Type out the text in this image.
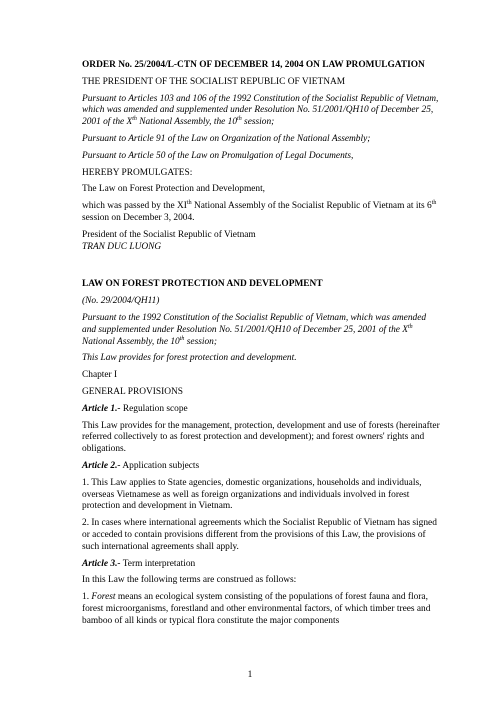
ORDER No. 25/2004/L-CTN OF DECEMBER 14, 2004 ON LAW PROMULGATION

THE PRESIDENT OF THE SOCIALIST REPUBLIC OF VIETNAM

Pursuant to Articles 103 and 106 of the 1992 Constitution of the Socialist Republic of Vietnam, which was amended and supplemented under Resolution No. 51/2001/QH10 of December 25, 2001 of the Xth National Assembly, the 10th session;

Pursuant to Article 91 of the Law on Organization of the National Assembly;

Pursuant to Article 50 of the Law on Promulgation of Legal Documents,

HEREBY PROMULGATES:

The Law on Forest Protection and Development,

which was passed by the XIth National Assembly of the Socialist Republic of Vietnam at its 6th session on December 3, 2004.

President of the Socialist Republic of Vietnam
TRAN DUC LUONG

LAW ON FOREST PROTECTION AND DEVELOPMENT

(No. 29/2004/QH11)

Pursuant to the 1992 Constitution of the Socialist Republic of Vietnam, which was amended and supplemented under Resolution No. 51/2001/QH10 of December 25, 2001 of the Xth National Assembly, the 10th session;

This Law provides for forest protection and development.

Chapter I

GENERAL PROVISIONS

Article 1.- Regulation scope

This Law provides for the management, protection, development and use of forests (hereinafter referred collectively to as forest protection and development); and forest owners' rights and obligations.

Article 2.- Application subjects

1. This Law applies to State agencies, domestic organizations, households and individuals, overseas Vietnamese as well as foreign organizations and individuals involved in forest protection and development in Vietnam.

2. In cases where international agreements which the Socialist Republic of Vietnam has signed or acceded to contain provisions different from the provisions of this Law, the provisions of such international agreements shall apply.

Article 3.- Term interpretation

In this Law the following terms are construed as follows:

1. Forest means an ecological system consisting of the populations of forest fauna and flora, forest microorganisms, forestland and other environmental factors, of which timber trees and bamboo of all kinds or typical flora constitute the major components

1
